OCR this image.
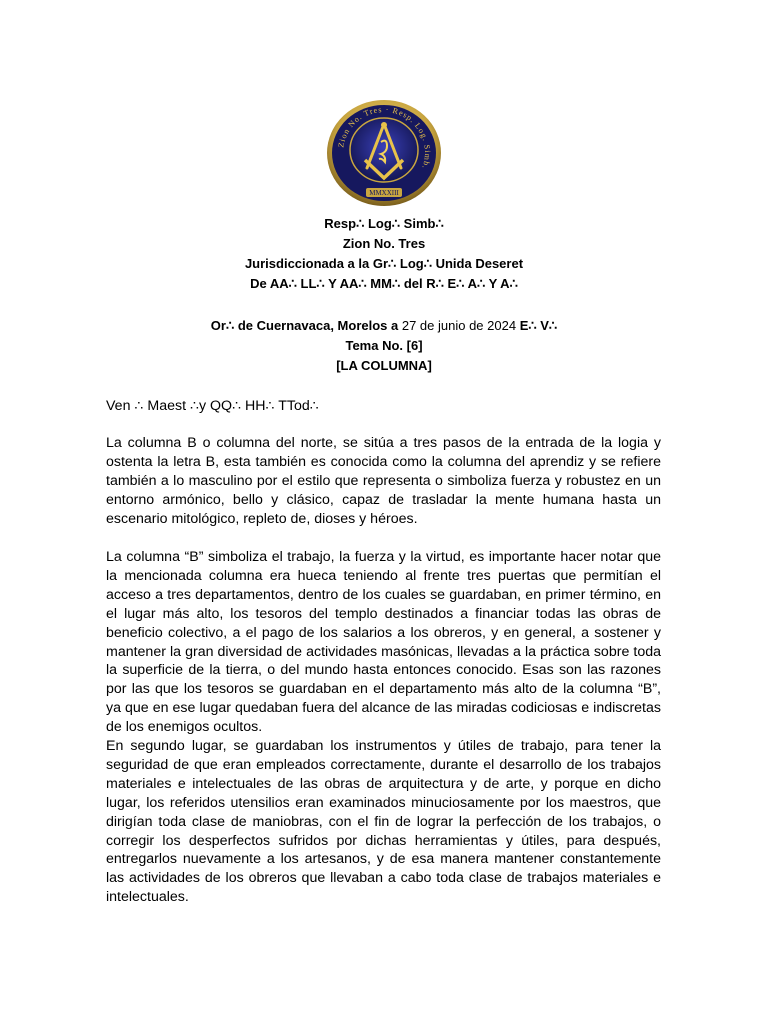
Zion No. Tres · Resp. Log. Simb.
MMXXIII
Resp∴ Log∴ Simb∴
Zion No. Tres
Jurisdiccionada a la Gr∴ Log∴ Unida Deseret
De AA∴ LL∴ Y AA∴ MM∴ del R∴ E∴ A∴ Y A∴
Or∴ de Cuernavaca, Morelos a 27 de junio de 2024 E∴ V∴
Tema No. [6]
[LA COLUMNA]
Ven ∴ Maest ∴y QQ∴ HH∴ TTod∴

La columna B o columna del norte, se sitúa a tres pasos de la entrada de la logia y ostenta la letra B, esta también es conocida como la columna del aprendiz y se refiere también a lo masculino por el estilo que representa o simboliza fuerza y robustez en un entorno armónico, bello y clásico, capaz de trasladar la mente humana hasta un escenario mitológico, repleto de, dioses y héroes.

La columna “B” simboliza el trabajo, la fuerza y la virtud, es importante hacer notar que la mencionada columna era hueca teniendo al frente tres puertas que permitían el acceso a tres departamentos, dentro de los cuales se guardaban, en primer término, en el lugar más alto, los tesoros del templo destinados a financiar todas las obras de beneficio colectivo, a el pago de los salarios a los obreros, y en general, a sostener y mantener la gran diversidad de actividades masónicas, llevadas a la práctica sobre toda la superficie de la tierra, o del mundo hasta entonces conocido. Esas son las razones por las que los tesoros se guardaban en el departamento más alto de la columna “B”, ya que en ese lugar quedaban fuera del alcance de las miradas codiciosas e indiscretas de los enemigos ocultos.

En segundo lugar, se guardaban los instrumentos y útiles de trabajo, para tener la seguridad de que eran empleados correctamente, durante el desarrollo de los trabajos materiales e intelectuales de las obras de arquitectura y de arte, y porque en dicho lugar, los referidos utensilios eran examinados minuciosamente por los maestros, que dirigían toda clase de maniobras, con el fin de lograr la perfección de los trabajos, o corregir los desperfectos sufridos por dichas herramientas y útiles, para después, entregarlos nuevamente a los artesanos, y de esa manera mantener constantemente las actividades de los obreros que llevaban a cabo toda clase de trabajos materiales e intelectuales.
